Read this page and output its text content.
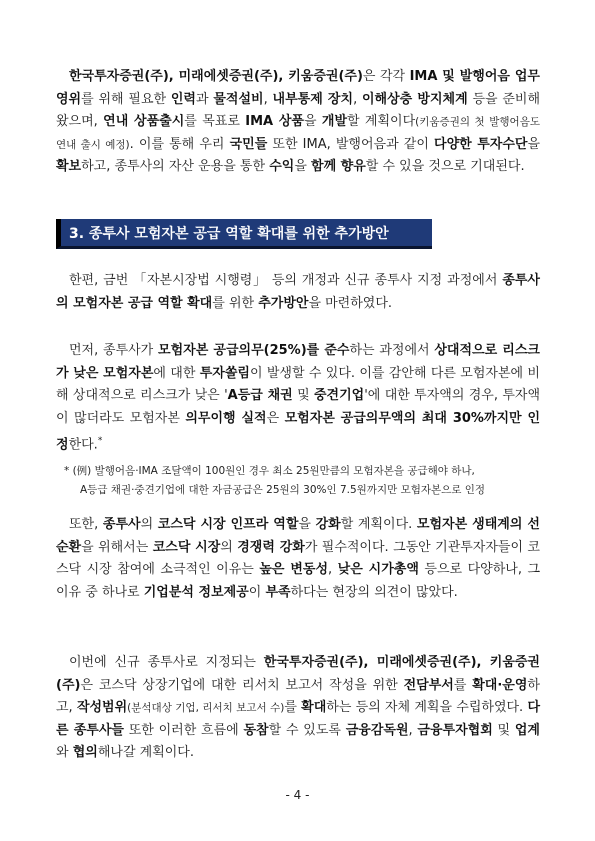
한국투자증권(주), 미래에셋증권(주), 키움증권(주)은 각각 IMA 및 발행어음 업무 영위를 위해 필요한 인력과 물적설비, 내부통제 장치, 이해상충 방지체계 등을 준비해왔으며, 연내 상품출시를 목표로 IMA 상품을 개발할 계획이다(키움증권의 첫 발행어음도 연내 출시 예정). 이를 통해 우리 국민들 또한 IMA, 발행어음과 같이 다양한 투자수단을 확보하고, 종투사의 자산 운용을 통한 수익을 함께 향유할 수 있을 것으로 기대된다.

3. 종투사 모험자본 공급 역할 확대를 위한 추가방안

한편, 금번 「자본시장법 시행령」 등의 개정과 신규 종투사 지정 과정에서 종투사의 모험자본 공급 역할 확대를 위한 추가방안을 마련하였다.

먼저, 종투사가 모험자본 공급의무(25%)를 준수하는 과정에서 상대적으로 리스크가 낮은 모험자본에 대한 투자쏠림이 발생할 수 있다. 이를 감안해 다른 모험자본에 비해 상대적으로 리스크가 낮은 'A등급 채권 및 중견기업'에 대한 투자액의 경우, 투자액이 많더라도 모험자본 의무이행 실적은 모험자본 공급의무액의 최대 30%까지만 인정한다.*

* (例) 발행어음·IMA 조달액이 100원인 경우 최소 25원만큼의 모험자본을 공급해야 하나,
A등급 채권·중견기업에 대한 자금공급은 25원의 30%인 7.5원까지만 모험자본으로 인정

또한, 종투사의 코스닥 시장 인프라 역할을 강화할 계획이다. 모험자본 생태계의 선순환을 위해서는 코스닥 시장의 경쟁력 강화가 필수적이다. 그동안 기관투자자들이 코스닥 시장 참여에 소극적인 이유는 높은 변동성, 낮은 시가총액 등으로 다양하나, 그 이유 중 하나로 기업분석 정보제공이 부족하다는 현장의 의견이 많았다.

이번에 신규 종투사로 지정되는 한국투자증권(주), 미래에셋증권(주), 키움증권(주)은 코스닥 상장기업에 대한 리서치 보고서 작성을 위한 전담부서를 확대·운영하고, 작성범위(분석대상 기업, 리서치 보고서 수)를 확대하는 등의 자체 계획을 수립하였다. 다른 종투사들 또한 이러한 흐름에 동참할 수 있도록 금융감독원, 금융투자협회 및 업계와 협의해나갈 계획이다.

- 4 -
